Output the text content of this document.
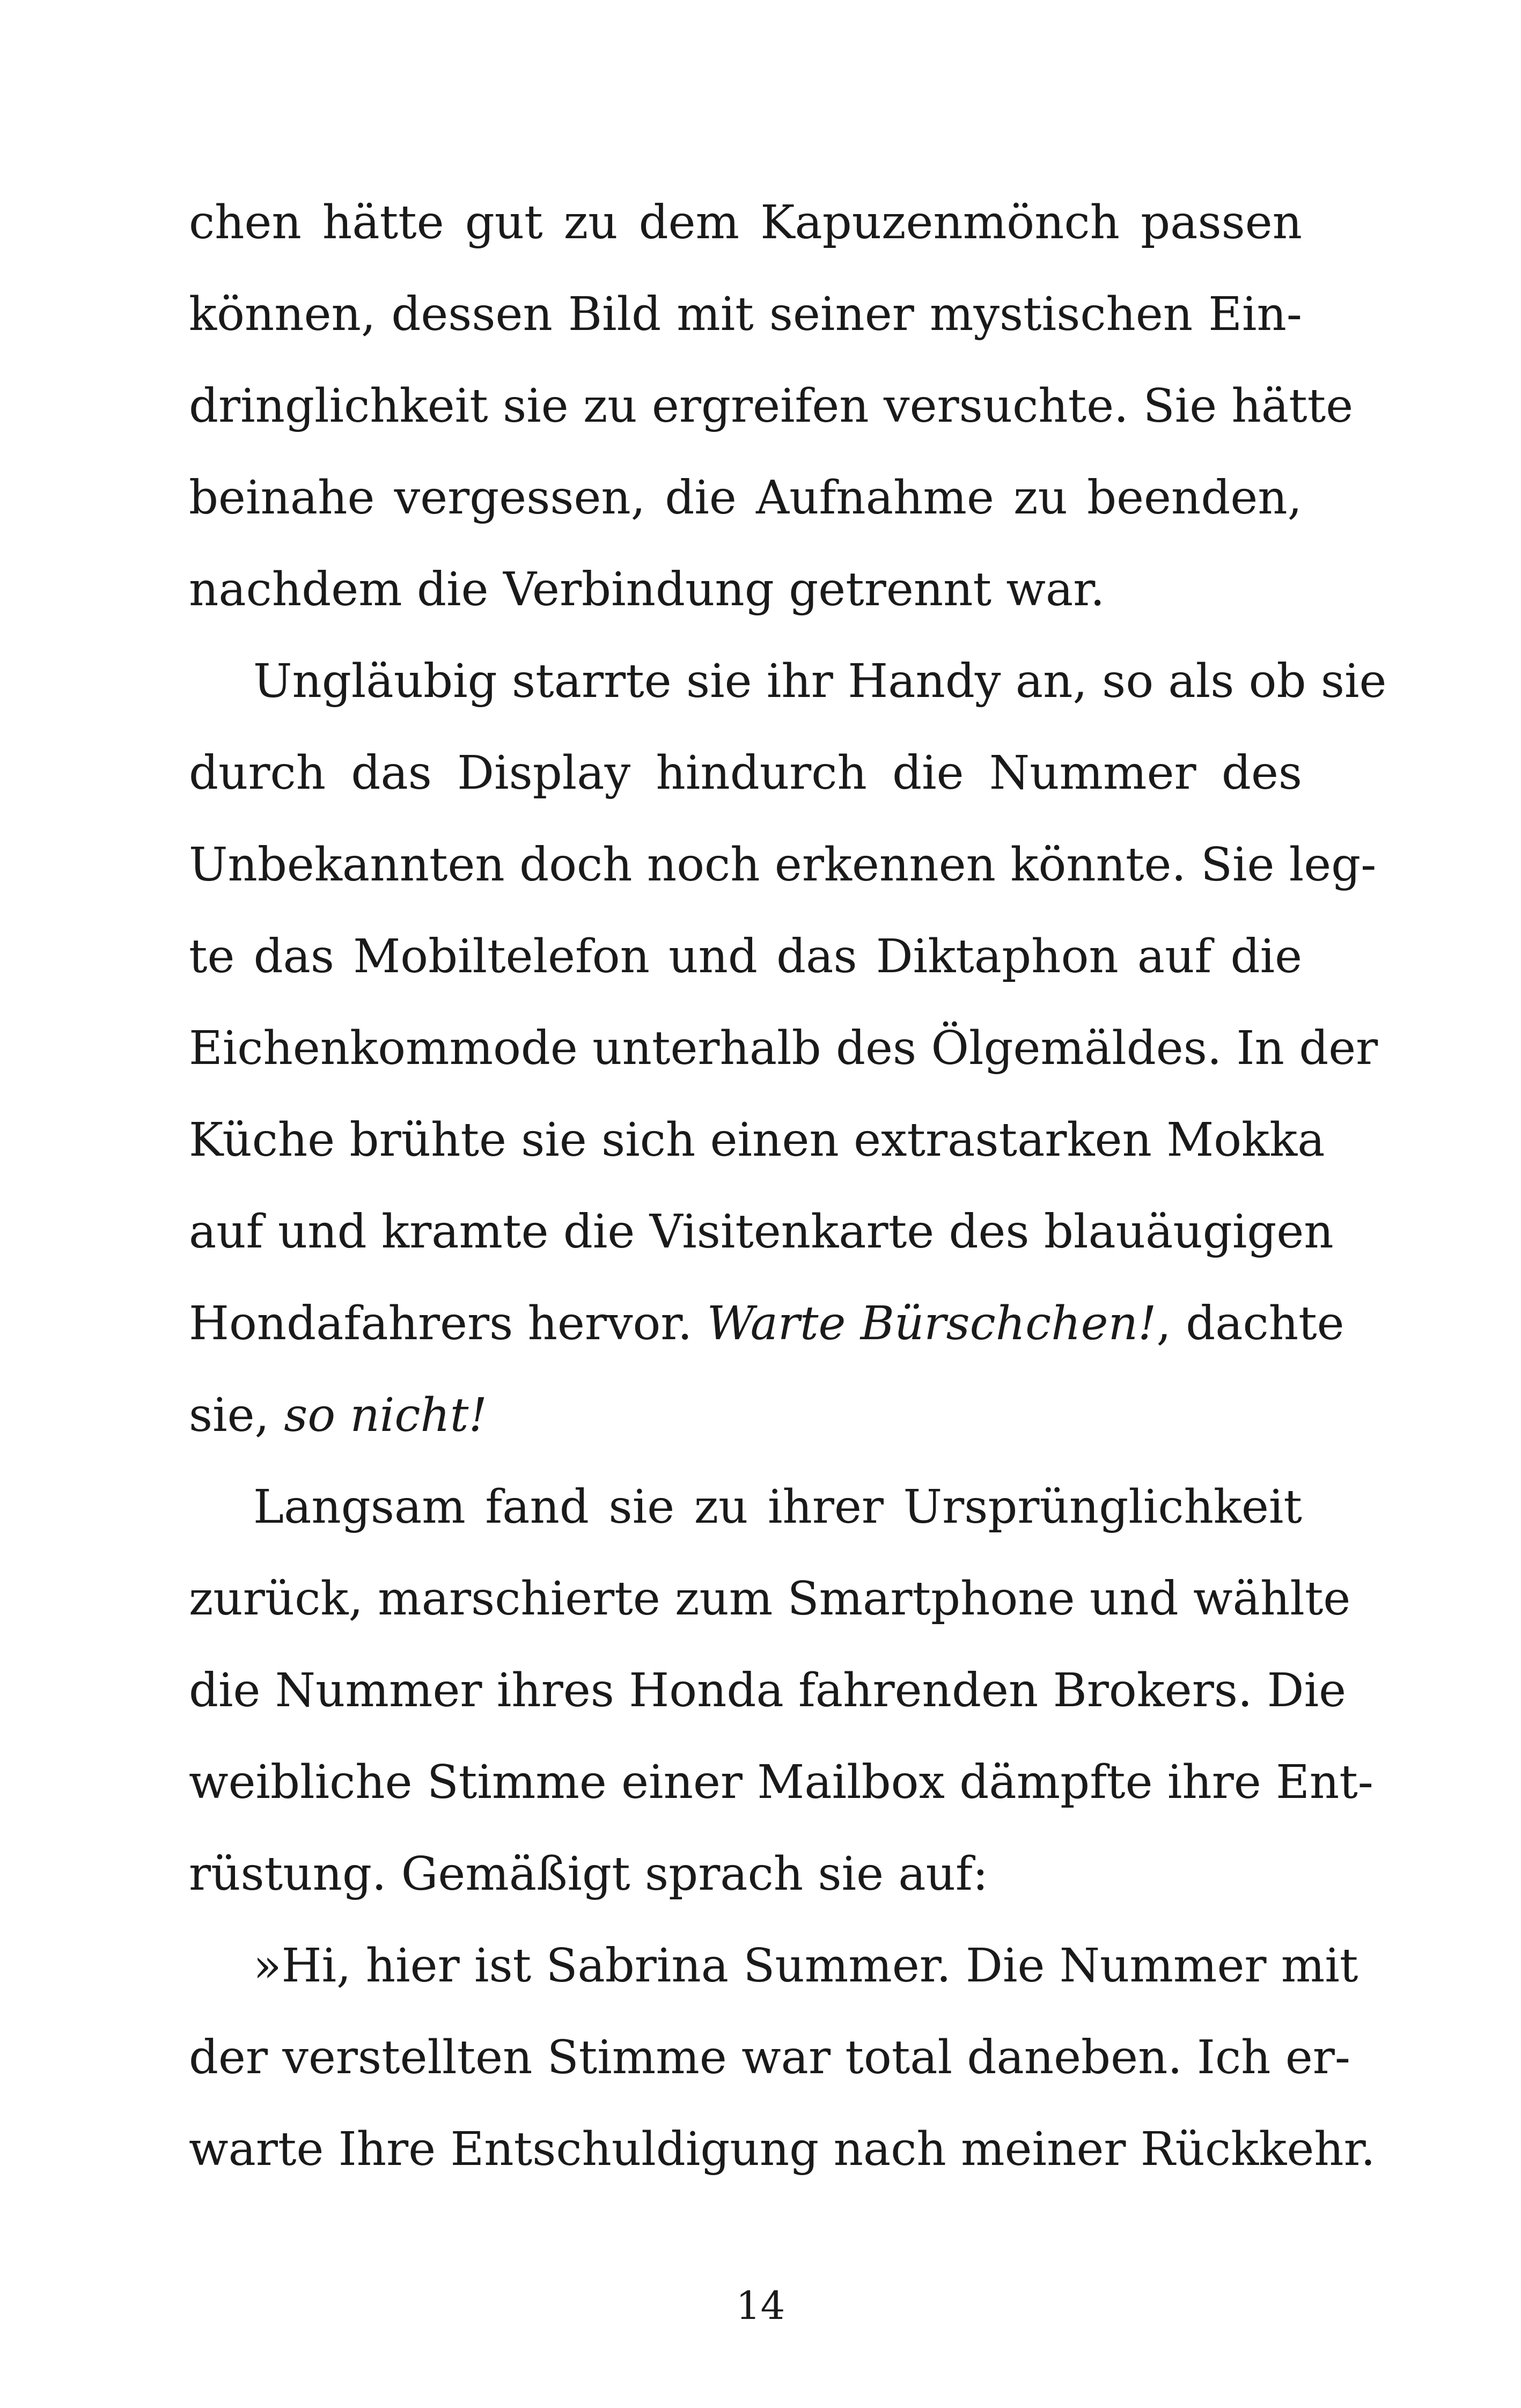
chen hätte gut zu dem Kapuzenmönch passen
können, dessen Bild mit seiner mystischen Ein-
dringlichkeit sie zu ergreifen versuchte. Sie hätte
beinahe vergessen, die Aufnahme zu beenden,
nachdem die Verbindung getrennt war.
Ungläubig starrte sie ihr Handy an, so als ob sie
durch das Display hindurch die Nummer des
Unbekannten doch noch erkennen könnte. Sie leg-
te das Mobiltelefon und das Diktaphon auf die
Eichenkommode unterhalb des Ölgemäldes. In der
Küche brühte sie sich einen extrastarken Mokka
auf und kramte die Visitenkarte des blauäugigen
Hondafahrers hervor. Warte Bürschchen!, dachte
sie, so nicht!
Langsam fand sie zu ihrer Ursprünglichkeit
zurück, marschierte zum Smartphone und wählte
die Nummer ihres Honda fahrenden Brokers. Die
weibliche Stimme einer Mailbox dämpfte ihre Ent-
rüstung. Gemäßigt sprach sie auf:
»Hi, hier ist Sabrina Summer. Die Nummer mit
der verstellten Stimme war total daneben. Ich er-
warte Ihre Entschuldigung nach meiner Rückkehr.
14
